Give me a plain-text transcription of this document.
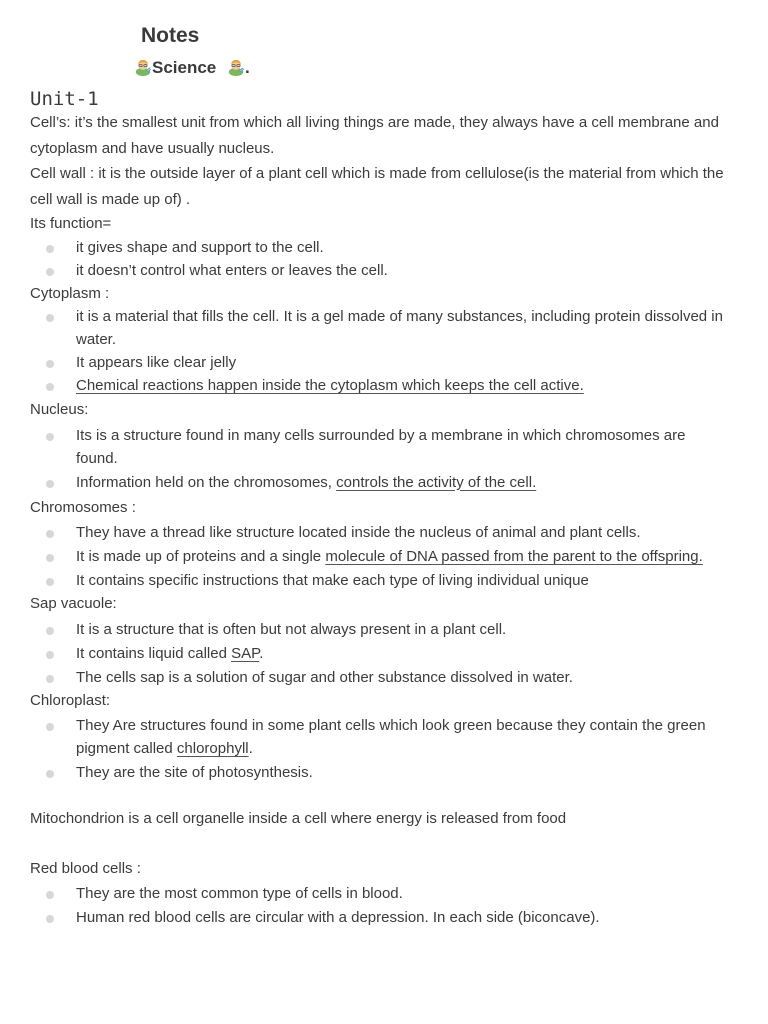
Notes
Science .
Unit-1

Cell’s: it’s the smallest unit from which all living things are made, they always have a cell membrane and cytoplasm and have usually nucleus.

Cell wall : it is the outside layer of a plant cell which is made from cellulose(is the material from which the cell wall is made up of) .

Its function=

it gives shape and support to the cell.
it doesn’t control what enters or leaves the cell.

Cytoplasm :

it is a material that fills the cell. It is a gel made of many substances, including protein dissolved in water.
It appears like clear jelly
Chemical reactions happen inside the cytoplasm which keeps the cell active.

Nucleus:

Its is a structure found in many cells surrounded by a membrane in which chromosomes are found.
Information held on the chromosomes, controls the activity of the cell.

Chromosomes :

They have a thread like structure located inside the nucleus of animal and plant cells.
It is made up of proteins and a single molecule of DNA passed from the parent to the offspring.
It contains specific instructions that make each type of living individual unique

Sap vacuole:

It is a structure that is often but not always present in a plant cell.
It contains liquid called SAP.
The cells sap is a solution of sugar and other substance dissolved in water.

Chloroplast:

They Are structures found in some plant cells which look green because they contain the green pigment called chlorophyll.
They are the site of photosynthesis.

Mitochondrion is a cell organelle inside a cell where energy is released from food

Red blood cells :

They are the most common type of cells in blood.
Human red blood cells are circular with a depression. In each side (biconcave).
